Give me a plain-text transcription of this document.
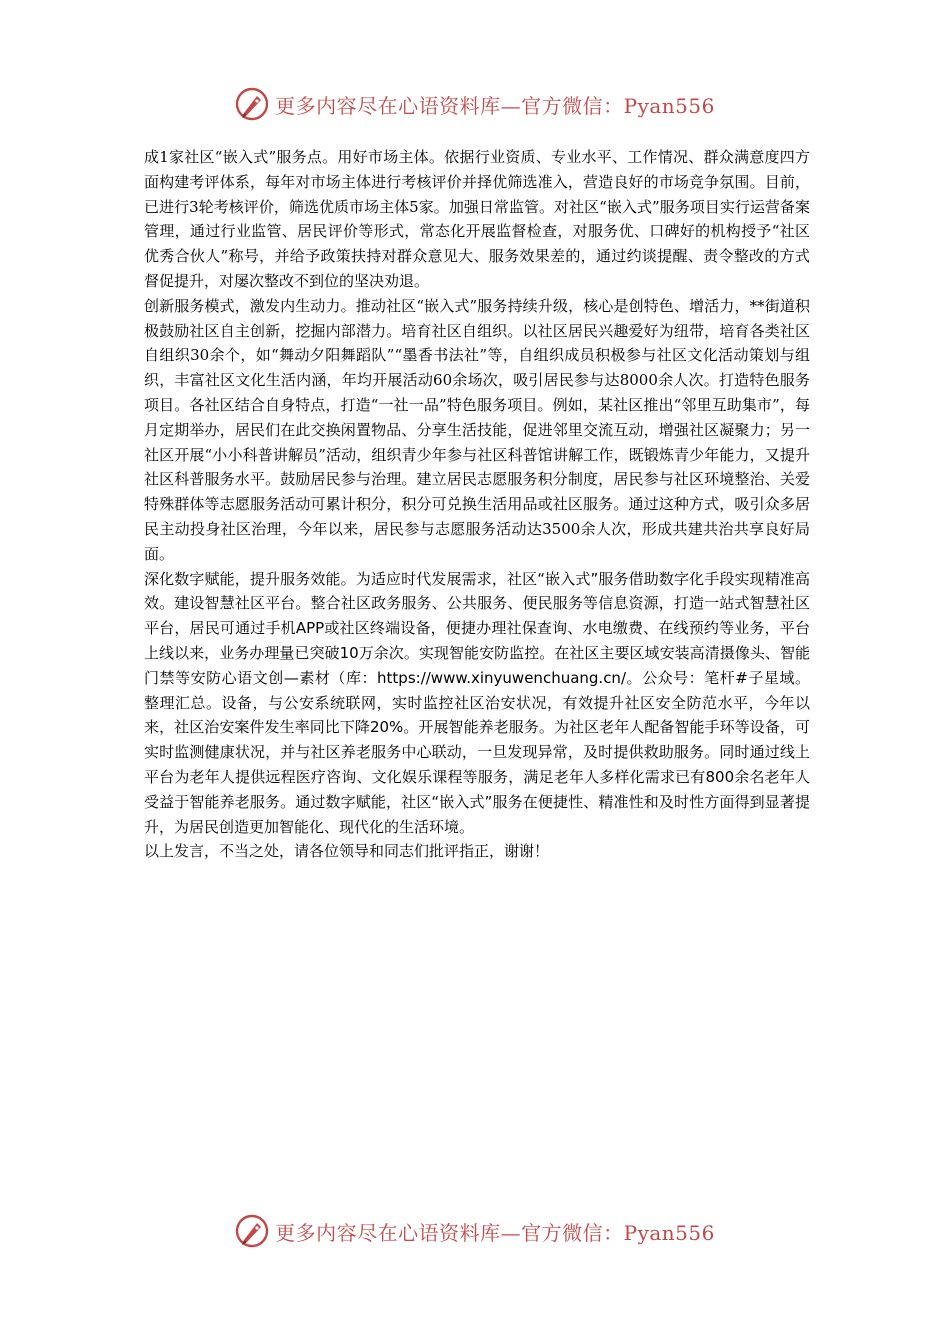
更多内容尽在心语资料库—官方微信：Pyan556

成1家社区“嵌入式”服务点。用好市场主体。依据行业资质、专业水平、工作情况、群众满意度四方面构建考评体系，每年对市场主体进行考核评价并择优筛选准入，营造良好的市场竞争氛围。目前，已进行3轮考核评价，筛选优质市场主体5家。加强日常监管。对社区“嵌入式”服务项目实行运营备案管理，通过行业监管、居民评价等形式，常态化开展监督检查，对服务优、口碑好的机构授予“社区优秀合伙人”称号，并给予政策扶持对群众意见大、服务效果差的，通过约谈提醒、责令整改的方式督促提升，对屡次整改不到位的坚决劝退。

创新服务模式，激发内生动力。推动社区“嵌入式”服务持续升级，核心是创特色、增活力，**街道积极鼓励社区自主创新，挖掘内部潜力。培育社区自组织。以社区居民兴趣爱好为纽带，培育各类社区自组织30余个，如“舞动夕阳舞蹈队”“墨香书法社”等，自组织成员积极参与社区文化活动策划与组织，丰富社区文化生活内涵，年均开展活动60余场次，吸引居民参与达8000余人次。打造特色服务项目。各社区结合自身特点，打造“一社一品”特色服务项目。例如，某社区推出“邻里互助集市”，每月定期举办，居民们在此交换闲置物品、分享生活技能，促进邻里交流互动，增强社区凝聚力；另一社区开展“小小科普讲解员”活动，组织青少年参与社区科普馆讲解工作，既锻炼青少年能力，又提升社区科普服务水平。鼓励居民参与治理。建立居民志愿服务积分制度，居民参与社区环境整治、关爱特殊群体等志愿服务活动可累计积分，积分可兑换生活用品或社区服务。通过这种方式，吸引众多居民主动投身社区治理，今年以来，居民参与志愿服务活动达3500余人次，形成共建共治共享良好局面。

深化数字赋能，提升服务效能。为适应时代发展需求，社区“嵌入式”服务借助数字化手段实现精准高效。建设智慧社区平台。整合社区政务服务、公共服务、便民服务等信息资源，打造一站式智慧社区平台，居民可通过手机APP或社区终端设备，便捷办理社保查询、水电缴费、在线预约等业务，平台上线以来，业务办理量已突破10万余次。实现智能安防监控。在社区主要区域安装高清摄像头、智能门禁等安防心语文创—素材（库：https://www.xinyuwenchuang.cn/。公众号：笔杆#子星域。整理汇总。设备，与公安系统联网，实时监控社区治安状况，有效提升社区安全防范水平，今年以来，社区治安案件发生率同比下降20%。开展智能养老服务。为社区老年人配备智能手环等设备，可实时监测健康状况，并与社区养老服务中心联动，一旦发现异常，及时提供救助服务。同时通过线上平台为老年人提供远程医疗咨询、文化娱乐课程等服务，满足老年人多样化需求已有800余名老年人受益于智能养老服务。通过数字赋能，社区“嵌入式”服务在便捷性、精准性和及时性方面得到显著提升，为居民创造更加智能化、现代化的生活环境。

以上发言，不当之处，请各位领导和同志们批评指正，谢谢！

更多内容尽在心语资料库—官方微信：Pyan556
